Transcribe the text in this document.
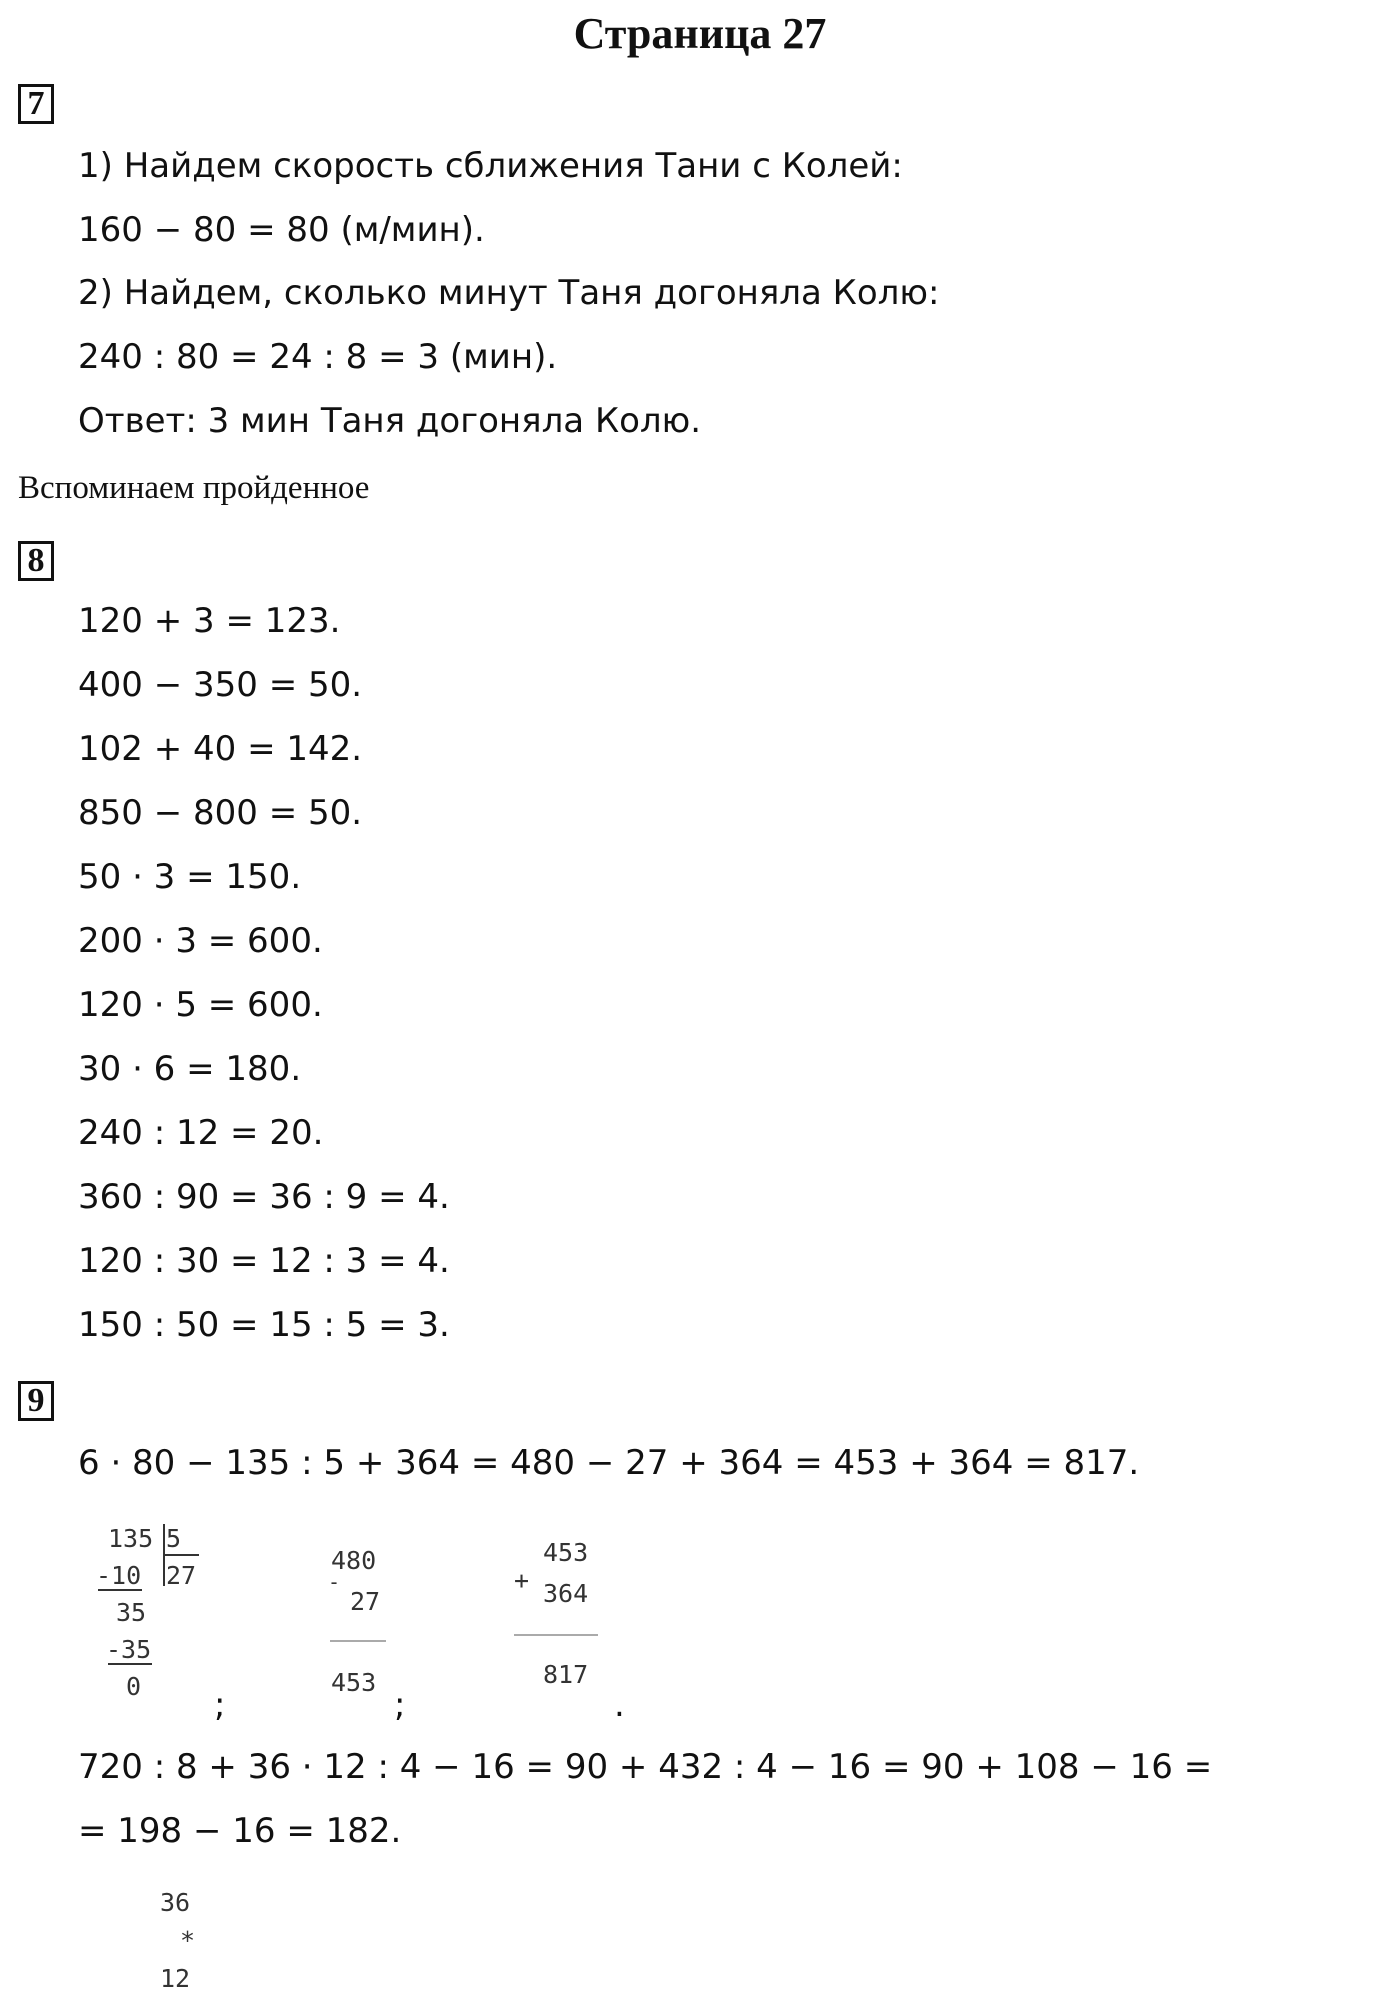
Страница 27
7
1) Найдем скорость сближения Тани с Колей:
160 − 80 = 80 (м/мин).
2) Найдем, сколько минут Таня догоняла Колю:
240 : 80 = 24 : 8 = 3 (мин).
Ответ: 3 мин Таня догоняла Колю.
Вспоминаем пройденное
8
120 + 3 = 123.
400 − 350 = 50.
102 + 40 = 142.
850 − 800 = 50.
50 · 3 = 150.
200 · 3 = 600.
120 · 5 = 600.
30 · 6 = 180.
240 : 12 = 20.
360 : 90 = 36 : 9 = 4.
120 : 30 = 12 : 3 = 4.
150 : 50 = 15 : 5 = 3.
9
6 · 80 − 135 : 5 + 364 = 480 − 27 + 364 = 453 + 364 = 817.
135 5
27
-10
35
-35
0 ;
480
-
27
453
;
+
453
364
817
.
720 : 8 + 36 · 12 : 4 − 16 = 90 + 432 : 4 − 16 = 90 + 108 − 16 =
= 198 − 16 = 182.
36
*
12
